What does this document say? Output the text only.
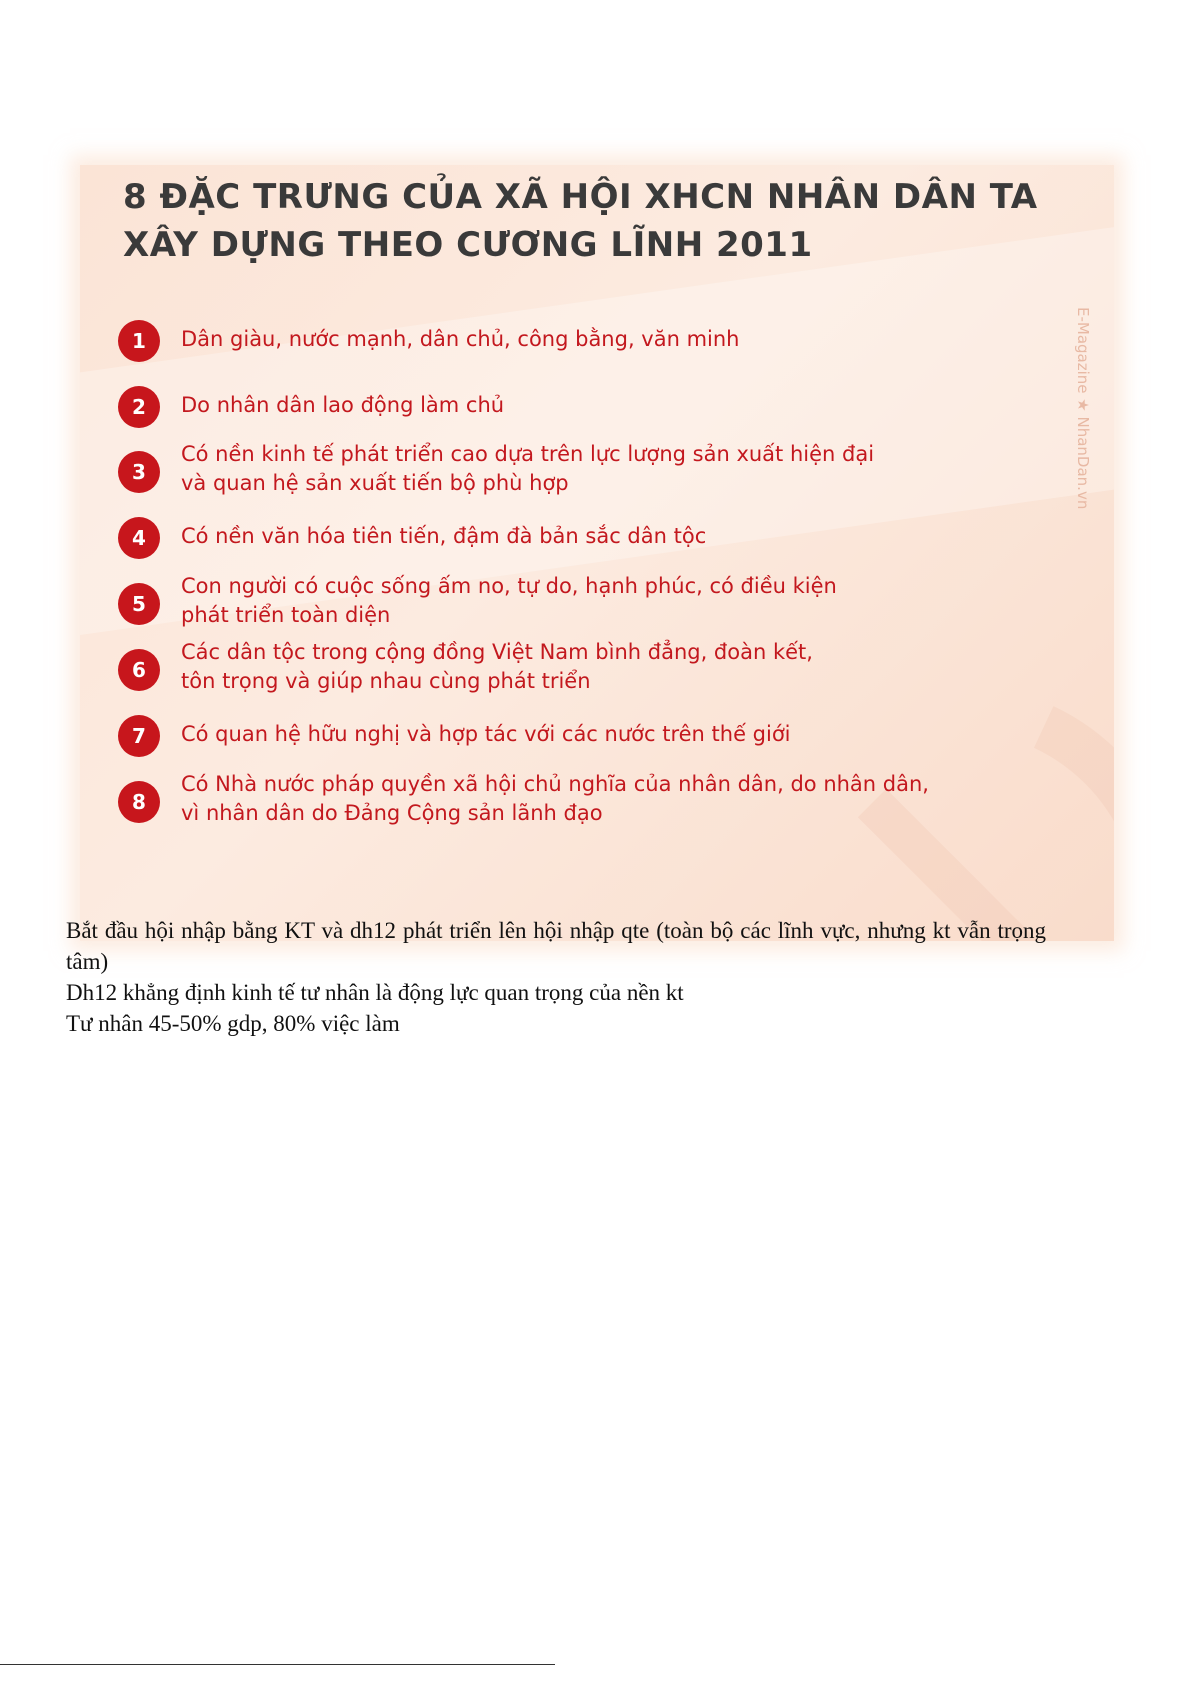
8 ĐẶC TRƯNG CỦA XÃ HỘI XHCN NHÂN DÂN TA
XÂY DỰNG THEO CƯƠNG LĨNH 2011
E-Magazine ★ NhanDan.vn
1	Dân giàu, nước mạnh, dân chủ, công bằng, văn minh
2	Do nhân dân lao động làm chủ
3
Có nền kinh tế phát triển cao dựa trên lực lượng sản xuất hiện đại
và quan hệ sản xuất tiến bộ phù hợp
4	Có nền văn hóa tiên tiến, đậm đà bản sắc dân tộc
5
Con người có cuộc sống ấm no, tự do, hạnh phúc, có điều kiện
phát triển toàn diện
6
Các dân tộc trong cộng đồng Việt Nam bình đẳng, đoàn kết,
tôn trọng và giúp nhau cùng phát triển
7	Có quan hệ hữu nghị và hợp tác với các nước trên thế giới
8
Có Nhà nước pháp quyền xã hội chủ nghĩa của nhân dân, do nhân dân,
vì nhân dân do Đảng Cộng sản lãnh đạo

Bắt đầu hội nhập bằng KT và dh12 phát triển lên hội nhập qte (toàn bộ các lĩnh vực, nhưng kt vẫn trọng tâm)

Dh12 khẳng định kinh tế tư nhân là động lực quan trọng của nền kt

Tư nhân 45-50% gdp, 80% việc làm
